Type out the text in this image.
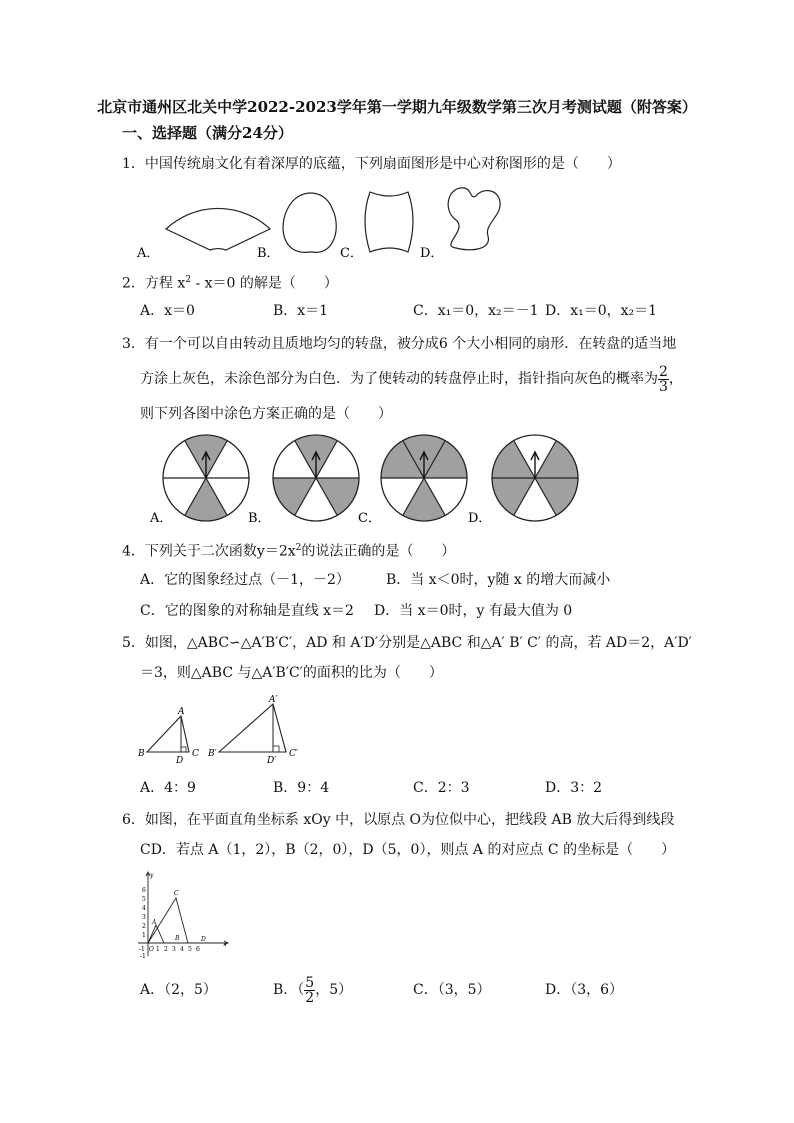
北京市通州区北关中学2022-2023学年第一学期九年级数学第三次月考测试题（附答案）
一、选择题（满分24分）
1．中国传统扇文化有着深厚的底蕴，下列扇面图形是中心对称图形的是（　　）
A．	B．	C．	D．
2．方程 $x^2 - x=0$ 的解是（　　）
A．x＝0	B．x＝1	C．x₁＝0，x₂＝－1 D．x₁＝0，x₂＝1
3．有一个可以自由转动且质地均匀的转盘，被分成6 个大小相同的扇形．在转盘的适当地
方涂上灰色，未涂色部分为白色．为了使转动的转盘停止时，指针指向灰色的概率为 $\frac{2}{3}$ ，
则下列各图中涂色方案正确的是（　　）
A．	B．	C．	D．
4．下列关于二次函数$y=2x^2$的说法正确的是（　　）
A．它的图象经过点（－1，－2）	B．当 x＜0时，y随 x 的增大而减小
C．它的图象的对称轴是直线 x＝2 D．当 x＝0时，y 有最大值为 0
5．如图，△ABC∽△A′B′C′，AD 和 A′D′分别是△ABC 和△A′ B′ C′ 的高，若 AD＝2，A′D′
＝3，则△ABC 与△A′B′C′的面积的比为（　　）
A
B	C
D
A′
B′	C′
D′
A．4：9	B．9：4	C．2：3	D．3：2
6．如图，在平面直角坐标系 xOy 中，以原点 O为位似中心，把线段 AB 放大后得到线段
CD．若点 A（1，2），B（2，0），D（5，0），则点 A 的对应点 C 的坐标是（　　）
x
y
-1 O 1 2 3 4 5 6
1
2
3
4
5
6
-1
A
B
C
D
A．（2，5）	B．（ $\frac{5}{2}$ ，5）	C．（3，5）	D．（3，6）
